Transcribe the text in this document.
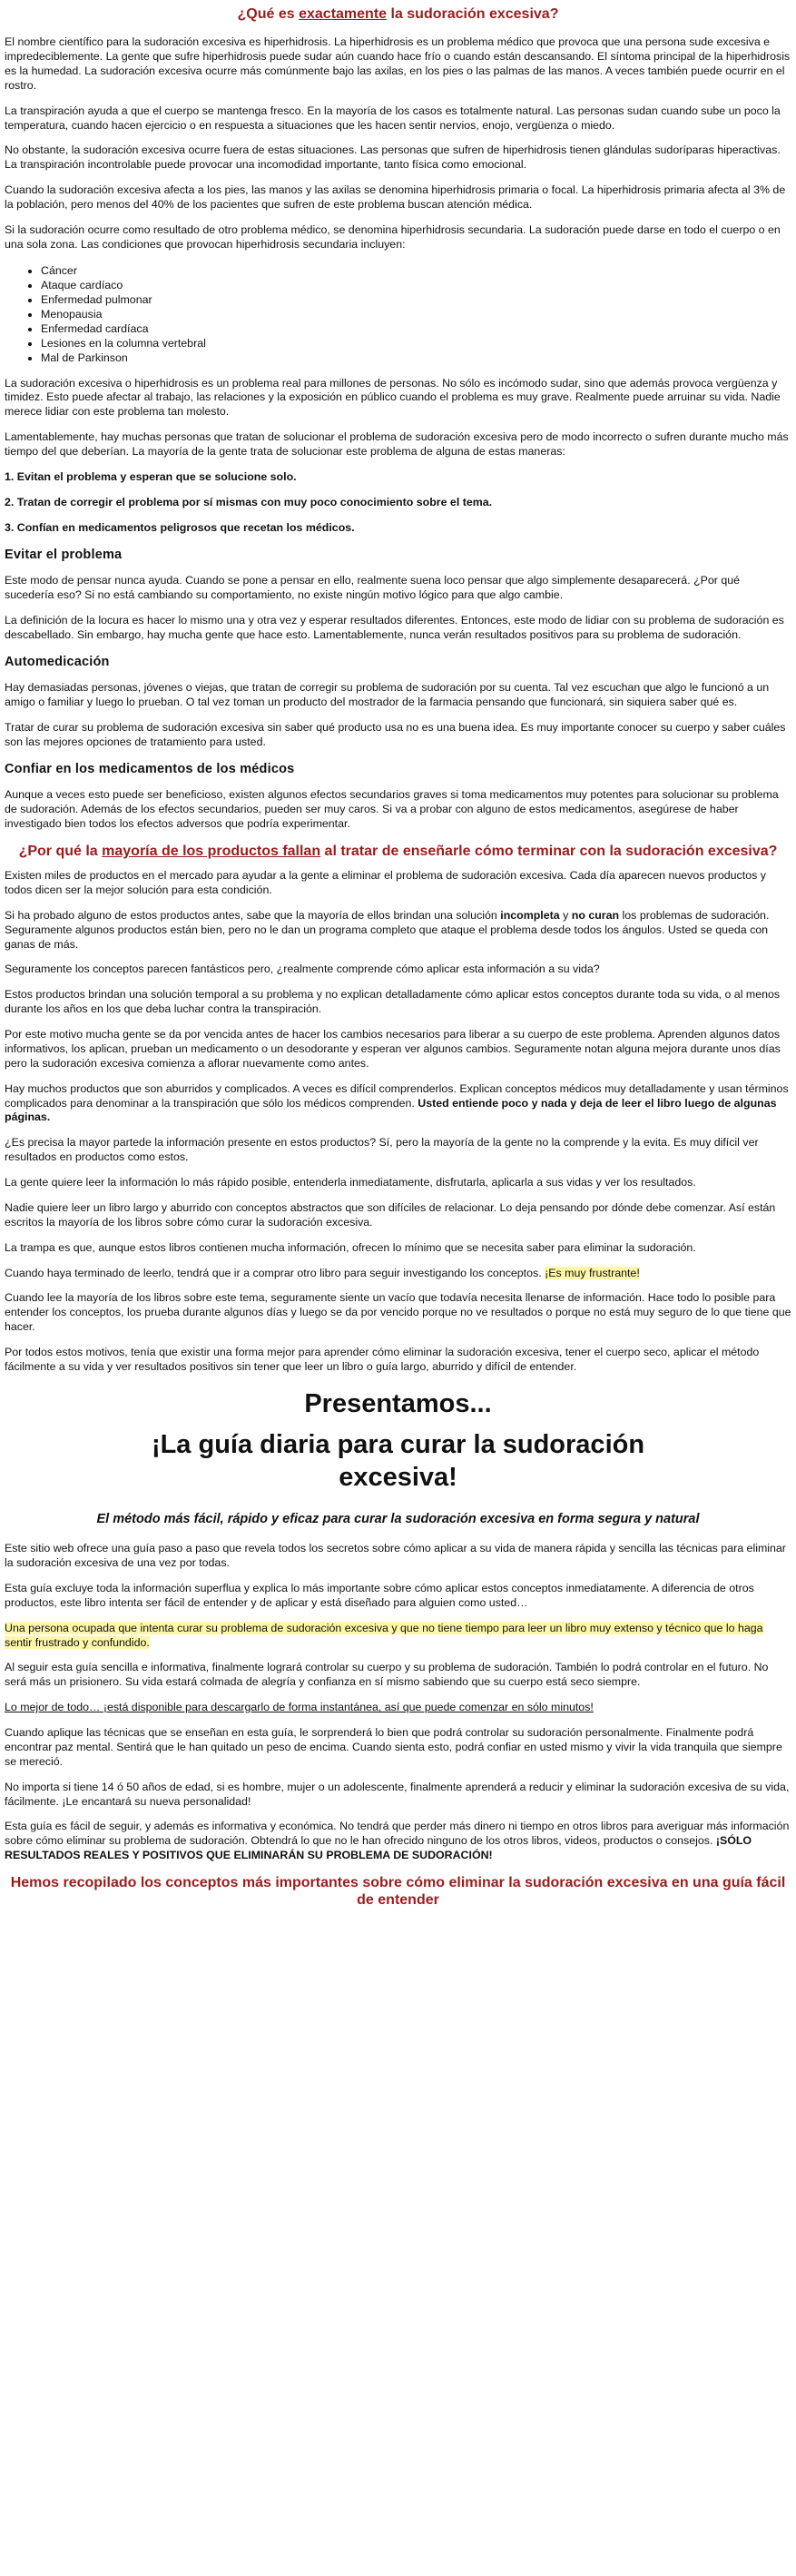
¿Qué es exactamente la sudoración excesiva?

El nombre científico para la sudoración excesiva es hiperhidrosis. La hiperhidrosis es un problema médico que provoca que una persona sude excesiva e impredeciblemente. La gente que sufre hiperhidrosis puede sudar aún cuando hace frío o cuando están descansando. El síntoma principal de la hiperhidrosis es la humedad. La sudoración excesiva ocurre más comúnmente bajo las axilas, en los pies o las palmas de las manos. A veces también puede ocurrir en el rostro.

La transpiración ayuda a que el cuerpo se mantenga fresco. En la mayoría de los casos es totalmente natural. Las personas sudan cuando sube un poco la temperatura, cuando hacen ejercicio o en respuesta a situaciones que les hacen sentir nervios, enojo, vergüenza o miedo.

No obstante, la sudoración excesiva ocurre fuera de estas situaciones. Las personas que sufren de hiperhidrosis tienen glándulas sudoríparas hiperactivas. La transpiración incontrolable puede provocar una incomodidad importante, tanto física como emocional.

Cuando la sudoración excesiva afecta a los pies, las manos y las axilas se denomina hiperhidrosis primaria o focal. La hiperhidrosis primaria afecta al 3% de la población, pero menos del 40% de los pacientes que sufren de este problema buscan atención médica.

Si la sudoración ocurre como resultado de otro problema médico, se denomina hiperhidrosis secundaria. La sudoración puede darse en todo el cuerpo o en una sola zona. Las condiciones que provocan hiperhidrosis secundaria incluyen:

• Cáncer
• Ataque cardíaco
• Enfermedad pulmonar
• Menopausia
• Enfermedad cardíaca
• Lesiones en la columna vertebral
• Mal de Parkinson

La sudoración excesiva o hiperhidrosis es un problema real para millones de personas. No sólo es incómodo sudar, sino que además provoca vergüenza y timidez. Esto puede afectar al trabajo, las relaciones y la exposición en público cuando el problema es muy grave. Realmente puede arruinar su vida. Nadie merece lidiar con este problema tan molesto.

Lamentablemente, hay muchas personas que tratan de solucionar el problema de sudoración excesiva pero de modo incorrecto o sufren durante mucho más tiempo del que deberían. La mayoría de la gente trata de solucionar este problema de alguna de estas maneras:

1. Evitan el problema y esperan que se solucione solo.

2. Tratan de corregir el problema por sí mismas con muy poco conocimiento sobre el tema.

3. Confían en medicamentos peligrosos que recetan los médicos.

Evitar el problema

Este modo de pensar nunca ayuda. Cuando se pone a pensar en ello, realmente suena loco pensar que algo simplemente desaparecerá. ¿Por qué sucedería eso? Si no está cambiando su comportamiento, no existe ningún motivo lógico para que algo cambie.

La definición de la locura es hacer lo mismo una y otra vez y esperar resultados diferentes. Entonces, este modo de lidiar con su problema de sudoración es descabellado. Sin embargo, hay mucha gente que hace esto. Lamentablemente, nunca verán resultados positivos para su problema de sudoración.

Automedicación

Hay demasiadas personas, jóvenes o viejas, que tratan de corregir su problema de sudoración por su cuenta. Tal vez escuchan que algo le funcionó a un amigo o familiar y luego lo prueban. O tal vez toman un producto del mostrador de la farmacia pensando que funcionará, sin siquiera saber qué es.

Tratar de curar su problema de sudoración excesiva sin saber qué producto usa no es una buena idea. Es muy importante conocer su cuerpo y saber cuáles son las mejores opciones de tratamiento para usted.

Confiar en los medicamentos de los médicos

Aunque a veces esto puede ser beneficioso, existen algunos efectos secundarios graves si toma medicamentos muy potentes para solucionar su problema de sudoración. Además de los efectos secundarios, pueden ser muy caros. Si va a probar con alguno de estos medicamentos, asegúrese de haber investigado bien todos los efectos adversos que podría experimentar.

¿Por qué la mayoría de los productos fallan al tratar de enseñarle cómo terminar con la sudoración excesiva?

Existen miles de productos en el mercado para ayudar a la gente a eliminar el problema de sudoración excesiva. Cada día aparecen nuevos productos y todos dicen ser la mejor solución para esta condición.

Si ha probado alguno de estos productos antes, sabe que la mayoría de ellos brindan una solución incompleta y no curan los problemas de sudoración. Seguramente algunos productos están bien, pero no le dan un programa completo que ataque el problema desde todos los ángulos. Usted se queda con ganas de más.

Seguramente los conceptos parecen fantásticos pero, ¿realmente comprende cómo aplicar esta información a su vida?

Estos productos brindan una solución temporal a su problema y no explican detalladamente cómo aplicar estos conceptos durante toda su vida, o al menos durante los años en los que deba luchar contra la transpiración.

Por este motivo mucha gente se da por vencida antes de hacer los cambios necesarios para liberar a su cuerpo de este problema. Aprenden algunos datos informativos, los aplican, prueban un medicamento o un desodorante y esperan ver algunos cambios. Seguramente notan alguna mejora durante unos días pero la sudoración excesiva comienza a aflorar nuevamente como antes.

Hay muchos productos que son aburridos y complicados. A veces es difícil comprenderlos. Explican conceptos médicos muy detalladamente y usan términos complicados para denominar a la transpiración que sólo los médicos comprenden. Usted entiende poco y nada y deja de leer el libro luego de algunas páginas.

¿Es precisa la mayor partede la información presente en estos productos? Sí, pero la mayoría de la gente no la comprende y la evita. Es muy difícil ver resultados en productos como estos.

La gente quiere leer la información lo más rápido posible, entenderla inmediatamente, disfrutarla, aplicarla a sus vidas y ver los resultados.

Nadie quiere leer un libro largo y aburrido con conceptos abstractos que son difíciles de relacionar. Lo deja pensando por dónde debe comenzar. Así están escritos la mayoría de los libros sobre cómo curar la sudoración excesiva.

La trampa es que, aunque estos libros contienen mucha información, ofrecen lo mínimo que se necesita saber para eliminar la sudoración.

Cuando haya terminado de leerlo, tendrá que ir a comprar otro libro para seguir investigando los conceptos. ¡Es muy frustrante!

Cuando lee la mayoría de los libros sobre este tema, seguramente siente un vacío que todavía necesita llenarse de información. Hace todo lo posible para entender los conceptos, los prueba durante algunos días y luego se da por vencido porque no ve resultados o porque no está muy seguro de lo que tiene que hacer.

Por todos estos motivos, tenía que existir una forma mejor para aprender cómo eliminar la sudoración excesiva, tener el cuerpo seco, aplicar el método fácilmente a su vida y ver resultados positivos sin tener que leer un libro o guía largo, aburrido y difícil de entender.

Presentamos...
¡La guía diaria para curar la sudoración excesiva!
El método más fácil, rápido y eficaz para curar la sudoración excesiva en forma segura y natural

Este sitio web ofrece una guía paso a paso que revela todos los secretos sobre cómo aplicar a su vida de manera rápida y sencilla las técnicas para eliminar la sudoración excesiva de una vez por todas.

Esta guía excluye toda la información superflua y explica lo más importante sobre cómo aplicar estos conceptos inmediatamente. A diferencia de otros productos, este libro intenta ser fácil de entender y de aplicar y está diseñado para alguien como usted…

Una persona ocupada que intenta curar su problema de sudoración excesiva y que no tiene tiempo para leer un libro muy extenso y técnico que lo haga sentir frustrado y confundido.

Al seguir esta guía sencilla e informativa, finalmente logrará controlar su cuerpo y su problema de sudoración. También lo podrá controlar en el futuro. No será más un prisionero. Su vida estará colmada de alegría y confianza en sí mismo sabiendo que su cuerpo está seco siempre.

Lo mejor de todo… ¡está disponible para descargarlo de forma instantánea, así que puede comenzar en sólo minutos!

Cuando aplique las técnicas que se enseñan en esta guía, le sorprenderá lo bien que podrá controlar su sudoración personalmente. Finalmente podrá encontrar paz mental. Sentirá que le han quitado un peso de encima. Cuando sienta esto, podrá confiar en usted mismo y vivir la vida tranquila que siempre se mereció.

No importa si tiene 14 ó 50 años de edad, si es hombre, mujer o un adolescente, finalmente aprenderá a reducir y eliminar la sudoración excesiva de su vida, fácilmente. ¡Le encantará su nueva personalidad!

Esta guía es fácil de seguir, y además es informativa y económica. No tendrá que perder más dinero ni tiempo en otros libros para averiguar más información sobre cómo eliminar su problema de sudoración. Obtendrá lo que no le han ofrecido ninguno de los otros libros, videos, productos o consejos. ¡SÓLO RESULTADOS REALES Y POSITIVOS QUE ELIMINARÁN SU PROBLEMA DE SUDORACIÓN!

Hemos recopilado los conceptos más importantes sobre cómo eliminar la sudoración excesiva en una guía fácil de entender
